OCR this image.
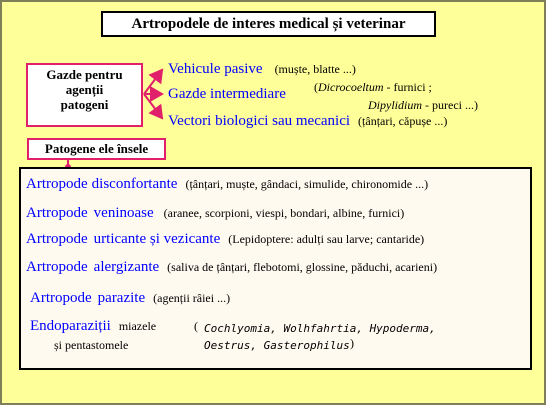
Artropodele de interes medical și veterinar
Gazde pentru
agenții
patogeni
Vehicule pasive (muște, blatte ...)
Gazde intermediare (Dicrocoeltum - furnici ;
Dipylidium - pureci ...)
Vectori biologici sau mecanici (țânțari, căpușe ...)
Patogene ele însele
Artropode disconfortante (țânțari, muște, gândaci, simulide, chironomide ...)
Artropode veninoase (aranee, scorpioni, viespi, bondari, albine, furnici)
Artropode urticante și vezicante (Lepidoptere: adulți sau larve; cantaride)
Artropode alergizante (saliva de țânțari, flebotomi, glossine, păduchi, acarieni)
Artropode parazite (agenții râiei ...)
Endoparaziții miazele
și pentastomele
( Cochlyomia, Wolhfahrtia, Hypoderma,
Oestrus, Gasterophilus )
